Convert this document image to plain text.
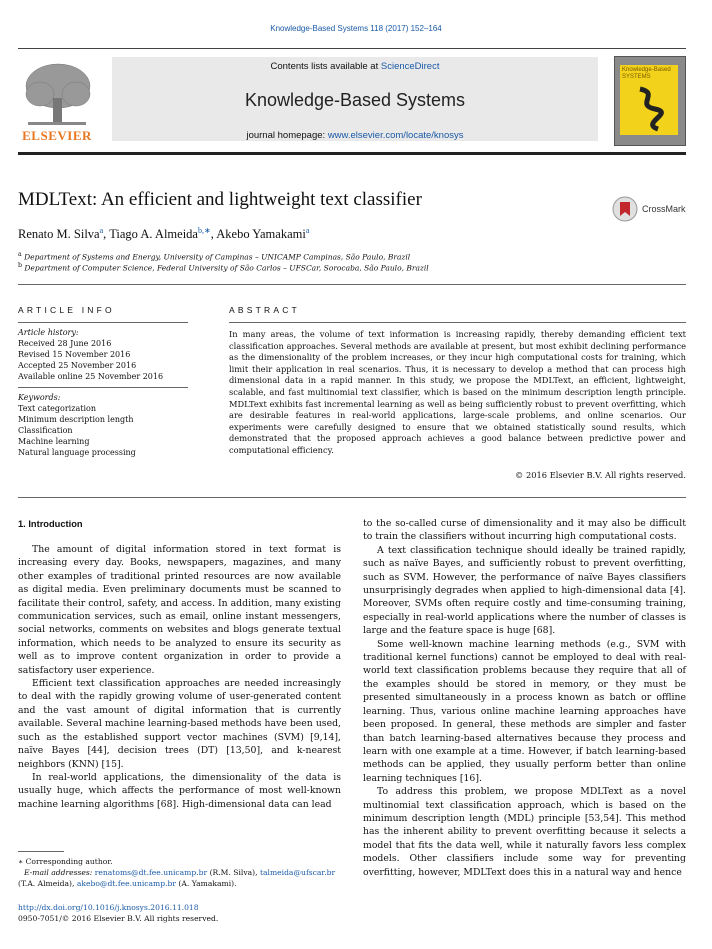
Knowledge-Based Systems 118 (2017) 152–164
ELSEVIER
Contents lists available at ScienceDirect
Knowledge-Based Systems
journal homepage: www.elsevier.com/locate/knosys
Knowledge-Based SYSTEMS
MDLText: An efficient and lightweight text classifier	CrossMark
Renato M. Silva$^a$, Tiago A. Almeida$^{b,∗}$, Akebo Yamakami$^a$
$^a$ Department of Systems and Energy, University of Campinas – UNICAMP Campinas, São Paulo, Brazil
$^b$ Department of Computer Science, Federal University of São Carlos – UFSCar, Sorocaba, São Paulo, Brazil
ARTICLE INFO
Article history:
Received 28 June 2016
Revised 15 November 2016
Accepted 25 November 2016
Available online 25 November 2016
Keywords:
Text categorization
Minimum description length
Classification
Machine learning
Natural language processing
ABSTRACT
In many areas, the volume of text information is increasing rapidly, thereby demanding efficient text classification approaches. Several methods are available at present, but most exhibit declining performance as the dimensionality of the problem increases, or they incur high computational costs for training, which limit their application in real scenarios. Thus, it is necessary to develop a method that can process high dimensional data in a rapid manner. In this study, we propose the MDLText, an efficient, lightweight, scalable, and fast multinomial text classifier, which is based on the minimum description length principle. MDLText exhibits fast incremental learning as well as being sufficiently robust to prevent overfitting, which are desirable features in real-world applications, large-scale problems, and online scenarios. Our experiments were carefully designed to ensure that we obtained statistically sound results, which demonstrated that the proposed approach achieves a good balance between predictive power and computational efficiency.
© 2016 Elsevier B.V. All rights reserved.
1. Introduction

The amount of digital information stored in text format is increasing every day. Books, newspapers, magazines, and many other examples of traditional printed resources are now available as digital media. Even preliminary documents must be scanned to facilitate their control, safety, and access. In addition, many existing communication services, such as email, online instant messengers, social networks, comments on websites and blogs generate textual information, which needs to be analyzed to ensure its security as well as to improve content organization in order to provide a satisfactory user experience.

Efficient text classification approaches are needed increasingly to deal with the rapidly growing volume of user-generated content and the vast amount of digital information that is currently available. Several machine learning-based methods have been used, such as the established support vector machines (SVM) [9,14], naïve Bayes [44], decision trees (DT) [13,50], and k-nearest neighbors (KNN) [15].

In real-world applications, the dimensionality of the data is usually huge, which affects the performance of most well-known machine learning algorithms [68]. High-dimensional data can lead

to the so-called curse of dimensionality and it may also be difficult to train the classifiers without incurring high computational costs.

A text classification technique should ideally be trained rapidly, such as naïve Bayes, and sufficiently robust to prevent overfitting, such as SVM. However, the performance of naïve Bayes classifiers unsurprisingly degrades when applied to high-dimensional data [4]. Moreover, SVMs often require costly and time-consuming training, especially in real-world applications where the number of classes is large and the feature space is huge [68].

Some well-known machine learning methods (e.g., SVM with traditional kernel functions) cannot be employed to deal with real-world text classification problems because they require that all of the examples should be stored in memory, or they must be presented simultaneously in a process known as batch or offline learning. Thus, various online machine learning approaches have been proposed. In general, these methods are simpler and faster than batch learning-based alternatives because they process and learn with one example at a time. However, if batch learning-based methods can be applied, they usually perform better than online learning techniques [16].

To address this problem, we propose MDLText as a novel multinomial text classification approach, which is based on the minimum description length (MDL) principle [53,54]. This method has the inherent ability to prevent overfitting because it selects a model that fits the data well, while it naturally favors less complex models. Other classifiers include some way for preventing overfitting, however, MDLText does this in a natural way and hence

∗ Corresponding author.
E-mail addresses: renatoms@dt.fee.unicamp.br (R.M. Silva), talmeida@ufscar.br
(T.A. Almeida), akebo@dt.fee.unicamp.br (A. Yamakami).
http://dx.doi.org/10.1016/j.knosys.2016.11.018
0950-7051/© 2016 Elsevier B.V. All rights reserved.
